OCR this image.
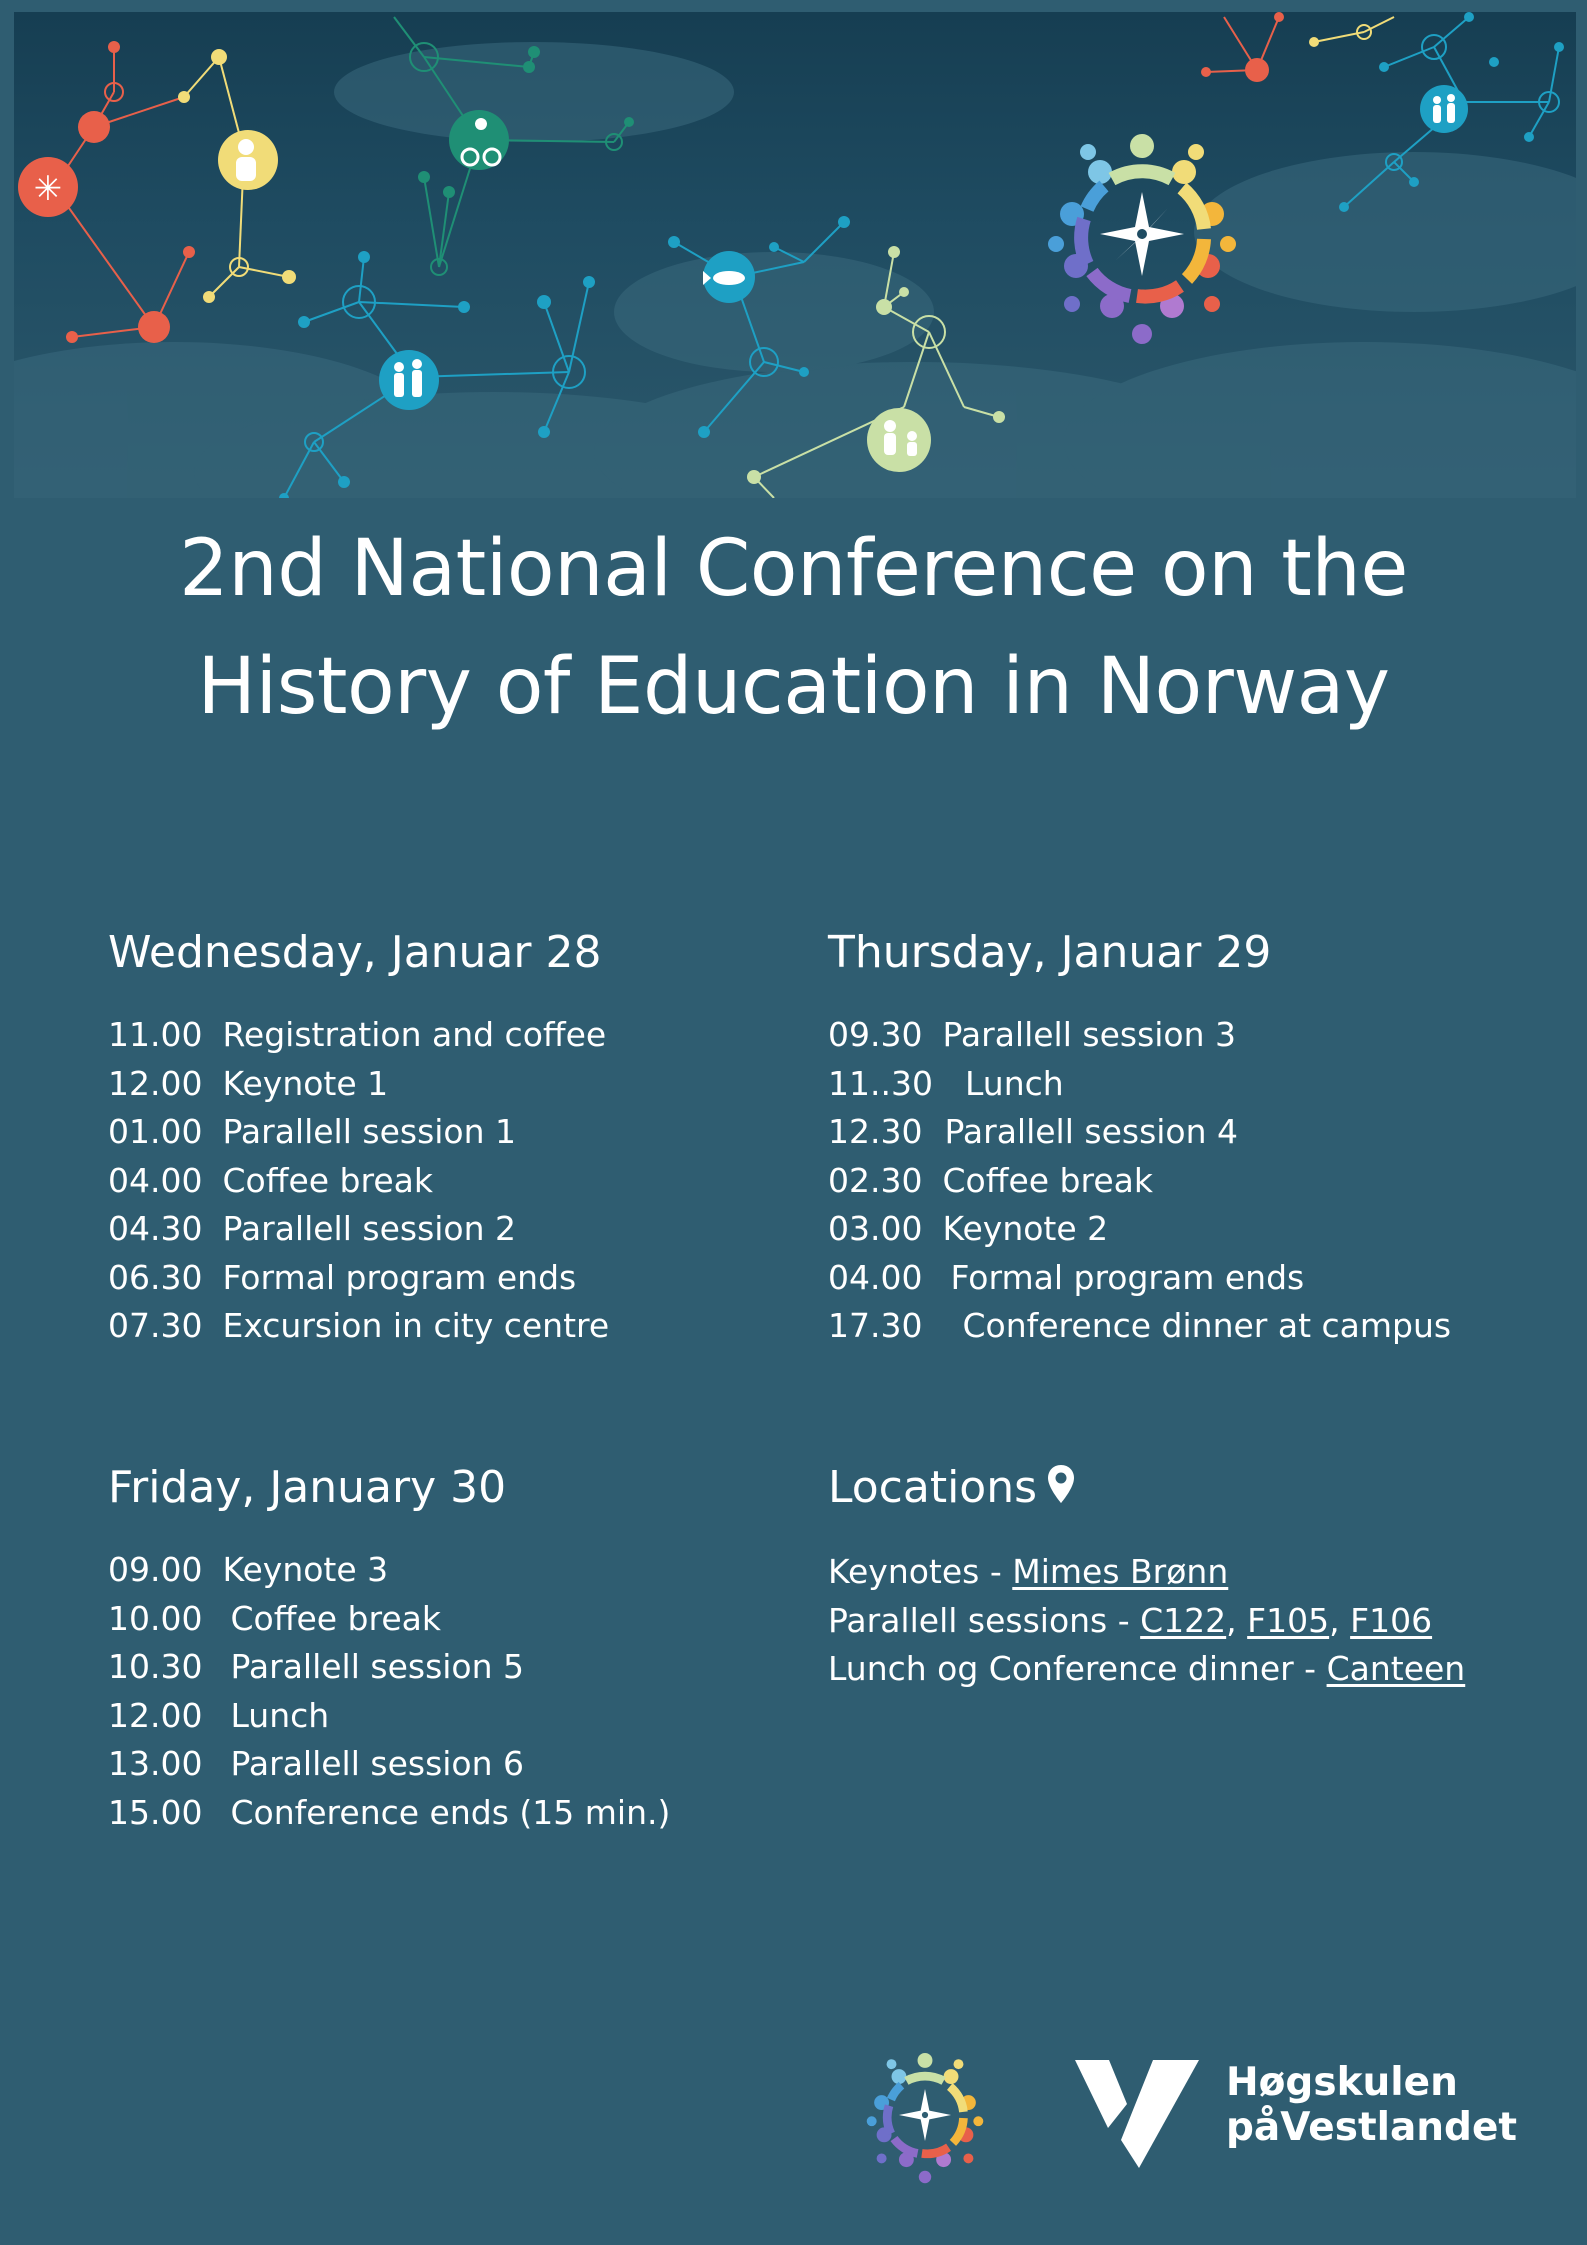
✳
2nd National Conference on the
History of Education in Norway
Wednesday, Januar 28
11.00 Registration and coffee
12.00 Keynote 1
01.00 Parallell session 1
04.00 Coffee break
04.30 Parallell session 2
06.30 Formal program ends
07.30 Excursion in city centre
Thursday, Januar 29
09.30 Parallell session 3
11..30 Lunch
12.30 Parallell session 4
02.30 Coffee break
03.00 Keynote 2
04.00 Formal program ends
17.30 Conference dinner at campus
Friday, January 30
09.00 Keynote 3
10.00 Coffee break
10.30 Parallell session 5
12.00 Lunch
13.00 Parallell session 6
15.00 Conference ends (15 min.)
Locations
Keynotes - Mimes Brønn
Parallell sessions - C122, F105, F106
Lunch og Conference dinner - Canteen
Høgskulen
påVestlandet
